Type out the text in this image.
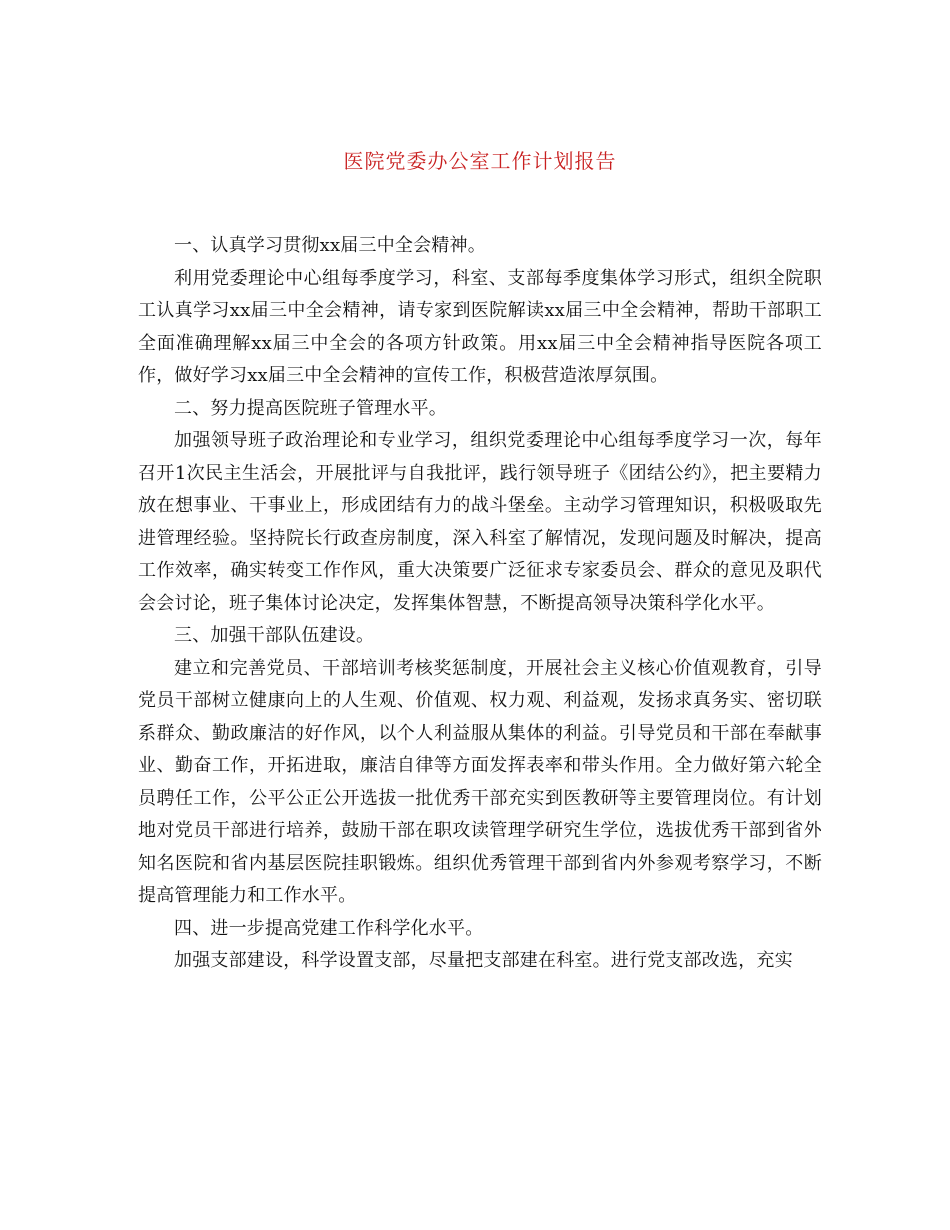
医院党委办公室工作计划报告

一、认真学习贯彻xx届三中全会精神。

利用党委理论中心组每季度学习，科室、支部每季度集体学习形式，组织全院职工认真学习xx届三中全会精神，请专家到医院解读xx届三中全会精神，帮助干部职工全面准确理解xx届三中全会的各项方针政策。用xx届三中全会精神指导医院各项工作，做好学习xx届三中全会精神的宣传工作，积极营造浓厚氛围。

二、努力提高医院班子管理水平。

加强领导班子政治理论和专业学习，组织党委理论中心组每季度学习一次，每年召开1次民主生活会，开展批评与自我批评，践行领导班子《团结公约》，把主要精力放在想事业、干事业上，形成团结有力的战斗堡垒。主动学习管理知识，积极吸取先进管理经验。坚持院长行政查房制度，深入科室了解情况，发现问题及时解决，提高工作效率，确实转变工作作风，重大决策要广泛征求专家委员会、群众的意见及职代会会讨论，班子集体讨论决定，发挥集体智慧，不断提高领导决策科学化水平。

三、加强干部队伍建设。

建立和完善党员、干部培训考核奖惩制度，开展社会主义核心价值观教育，引导党员干部树立健康向上的人生观、价值观、权力观、利益观，发扬求真务实、密切联系群众、勤政廉洁的好作风，以个人利益服从集体的利益。引导党员和干部在奉献事业、勤奋工作，开拓进取，廉洁自律等方面发挥表率和带头作用。全力做好第六轮全员聘任工作，公平公正公开选拔一批优秀干部充实到医教研等主要管理岗位。有计划地对党员干部进行培养，鼓励干部在职攻读管理学研究生学位，选拔优秀干部到省外知名医院和省内基层医院挂职锻炼。组织优秀管理干部到省内外参观考察学习，不断提高管理能力和工作水平。

四、进一步提高党建工作科学化水平。

加强支部建设，科学设置支部，尽量把支部建在科室。进行党支部改选，充实
